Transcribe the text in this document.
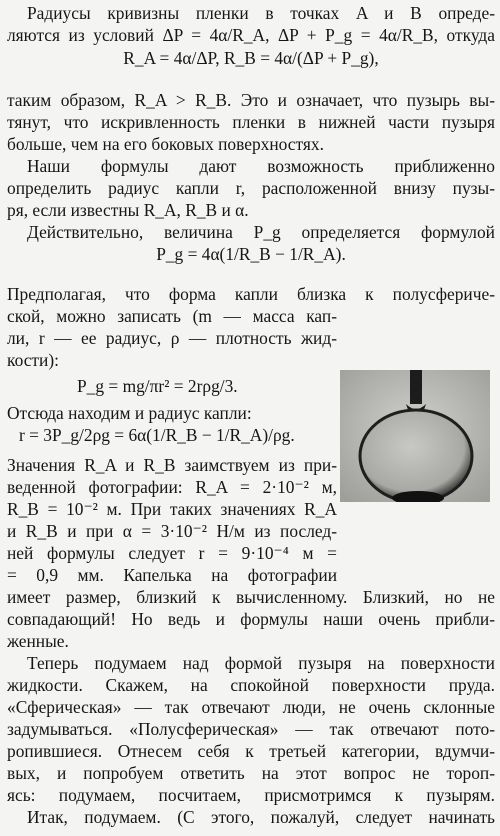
Радиусы кривизны пленки в точках A и B опреде-
ляются из условий ΔP = 4α/R_A, ΔP + P_g = 4α/R_B, откуда
R_A = 4α/ΔP, R_B = 4α/(ΔP + P_g),
таким образом, R_A > R_B. Это и означает, что пузырь вы-
тянут, что искривленность пленки в нижней части пузыря
больше, чем на его боковых поверхностях.
Наши формулы дают возможность приближенно
определить радиус капли r, расположенной внизу пузы-
ря, если известны R_A, R_B и α.
Действительно, величина P_g определяется формулой
P_g = 4α(1/R_B − 1/R_A).
Предполагая, что форма капли близка к полусфериче-
ской, можно записать (m — масса кап-
ли, r — ее радиус, ρ — плотность жид-
кости):
P_g = mg/πr² = 2rρg/3.
Отсюда находим и радиус капли:
r = 3P_g/2ρg = 6α(1/R_B − 1/R_A)/ρg.
Значения R_A и R_B заимствуем из при-
веденной фотографии: R_A = 2·10⁻² м,
R_B = 10⁻² м. При таких значениях R_A
и R_B и при α = 3·10⁻² Н/м из послед-
ней формулы следует r = 9·10⁻⁴ м =
= 0,9 мм. Капелька на фотографии
имеет размер, близкий к вычисленному. Близкий, но не
совпадающий! Но ведь и формулы наши очень прибли-
женные.
Теперь подумаем над формой пузыря на поверхности
жидкости. Скажем, на спокойной поверхности пруда.
«Сферическая» — так отвечают люди, не очень склонные
задумываться. «Полусферическая» — так отвечают пото-
ропившиеся. Отнесем себя к третьей категории, вдумчи-
вых, и попробуем ответить на этот вопрос не тороп-
ясь: подумаем, посчитаем, присмотримся к пузырям.
Итак, подумаем. (С этого, пожалуй, следует начинать
